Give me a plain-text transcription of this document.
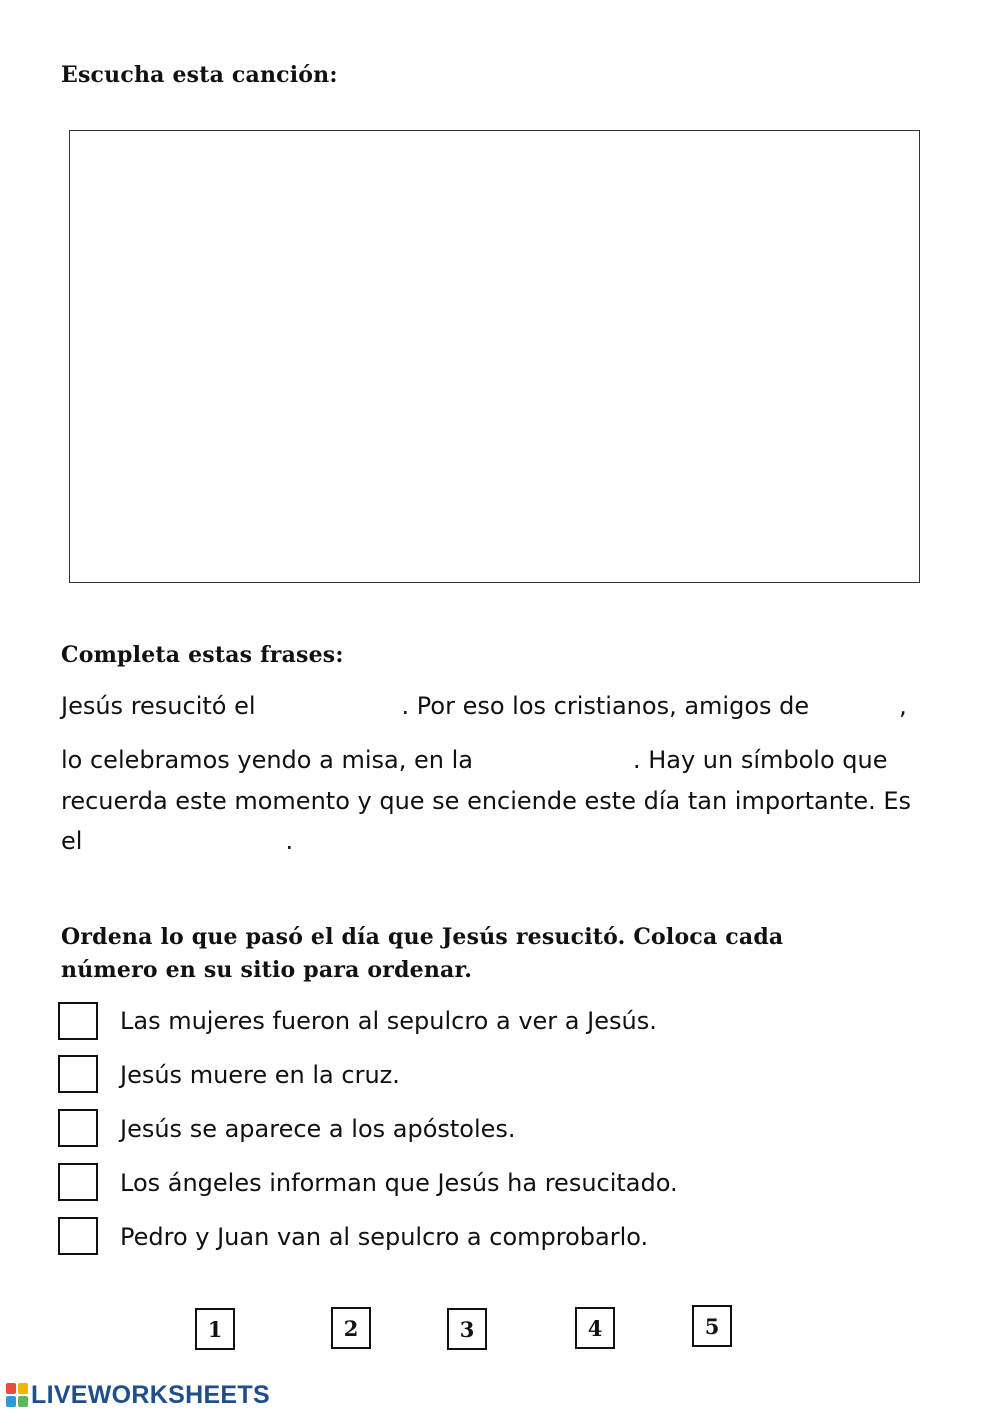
Escucha esta canción:
Completa estas frases:
Jesús resucitó el	. Por eso los cristianos, amigos de	,
lo celebramos yendo a misa, en la	. Hay un símbolo que
recuerda este momento y que se enciende este día tan importante. Es
el	.
Ordena lo que pasó el día que Jesús resucitó. Coloca cada
número en su sitio para ordenar.
Las mujeres fueron al sepulcro a ver a Jesús.
Jesús muere en la cruz.
Jesús se aparece a los apóstoles.
Los ángeles informan que Jesús ha resucitado.
Pedro y Juan van al sepulcro a comprobarlo.
1	2	3	4	5
LIVEWORKSHEETS
